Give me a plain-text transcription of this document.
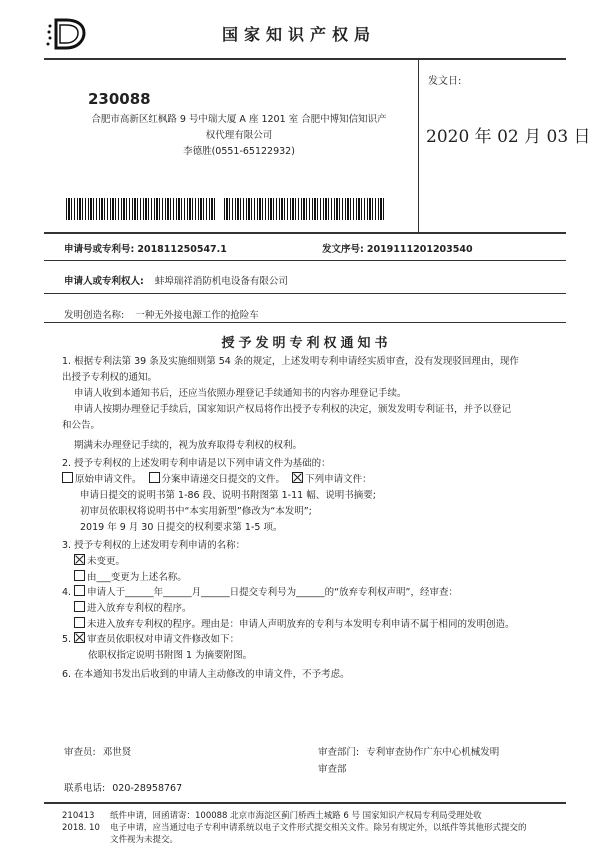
国家知识产权局
230088
合肥市高新区红枫路 9 号中瑞大厦 A 座 1201 室 合肥中博知信知识产
权代理有限公司
李德胜(0551-65122932)
发文日:
2020 年 02 月 03 日
申请号或专利号: 201811250547.1	发文序号: 2019111201203540
申请人或专利权人: 蚌埠瑞祥消防机电设备有限公司
发明创造名称: 一种无外接电源工作的抢险车
授予发明专利权通知书
1. 根据专利法第 39 条及实施细则第 54 条的规定，上述发明专利申请经实质审查，没有发现驳回理由，现作
出授予专利权的通知。
申请人收到本通知书后，还应当依照办理登记手续通知书的内容办理登记手续。
申请人按期办理登记手续后，国家知识产权局将作出授予专利权的决定，颁发发明专利证书，并予以登记
和公告。
期满未办理登记手续的，视为放弃取得专利权的权利。
2. 授予专利权的上述发明专利申请是以下列申请文件为基础的：
原始申请文件。 分案申请递交日提交的文件。 下列申请文件：
申请日提交的说明书第 1-86 段、说明书附图第 1-11 幅、说明书摘要;
初审员依职权将说明书中“本实用新型”修改为“本发明”;
2019 年 9 月 30 日提交的权利要求第 1-5 项。
3. 授予专利权的上述发明专利申请的名称：
未变更。
由___变更为上述名称。
4. 申请人于______年______月______日提交专利号为______的“放弃专利权声明”，经审查：
进入放弃专利权的程序。
未进入放弃专利权的程序。理由是：申请人声明放弃的专利与本发明专利申请不属于相同的发明创造。
5. 审查员依职权对申请文件修改如下：
依职权指定说明书附图 1 为摘要附图。
6. 在本通知书发出后收到的申请人主动修改的申请文件，不予考虑。
审查员: 邓世贤	审查部门: 专利审查协作广东中心机械发明
审查部
联系电话: 020-28958767
210413
2018. 10
纸件申请，回函请寄：100088 北京市海淀区蓟门桥西土城路 6 号 国家知识产权局专利局受理处收
电子申请，应当通过电子专利申请系统以电子文件形式提交相关文件。除另有规定外，以纸件等其他形式提交的
文件视为未提交。
